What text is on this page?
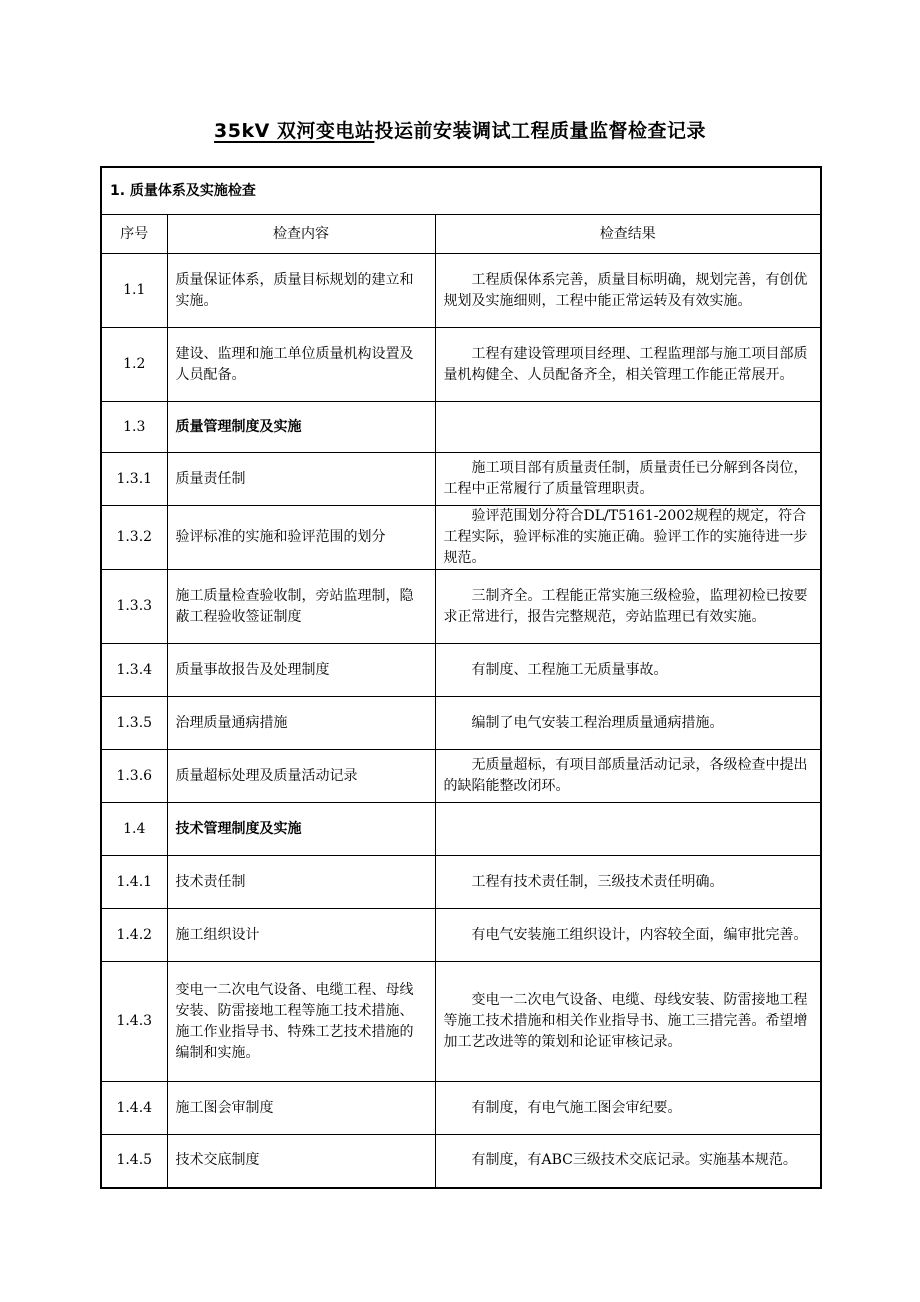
35kV 双河变电站投运前安装调试工程质量监督检查记录
1. 质量体系及实施检查		
序号	检查内容	检查结果
1.1	质量保证体系，质量目标规划的建立和实施。	工程质保体系完善，质量目标明确，规划完善，有创优规划及实施细则，工程中能正常运转及有效实施。
1.2	建设、监理和施工单位质量机构设置及人员配备。	工程有建设管理项目经理、工程监理部与施工项目部质量机构健全、人员配备齐全，相关管理工作能正常展开。
1.3	质量管理制度及实施	
1.3.1	质量责任制	施工项目部有质量责任制，质量责任已分解到各岗位，工程中正常履行了质量管理职责。
1.3.2	验评标准的实施和验评范围的划分	验评范围划分符合DL/T5161-2002规程的规定，符合工程实际，验评标准的实施正确。验评工作的实施待进一步规范。
1.3.3	施工质量检查验收制，旁站监理制，隐蔽工程验收签证制度	三制齐全。工程能正常实施三级检验，监理初检已按要求正常进行，报告完整规范，旁站监理已有效实施。
1.3.4	质量事故报告及处理制度	有制度、工程施工无质量事故。
1.3.5	治理质量通病措施	编制了电气安装工程治理质量通病措施。
1.3.6	质量超标处理及质量活动记录	无质量超标，有项目部质量活动记录，各级检查中提出的缺陷能整改闭环。
1.4	技术管理制度及实施	
1.4.1	技术责任制	工程有技术责任制，三级技术责任明确。
1.4.2	施工组织设计	有电气安装施工组织设计，内容较全面，编审批完善。
1.4.3	变电一二次电气设备、电缆工程、母线安装、防雷接地工程等施工技术措施、施工作业指导书、特殊工艺技术措施的编制和实施。	变电一二次电气设备、电缆、母线安装、防雷接地工程等施工技术措施和相关作业指导书、施工三措完善。希望增加工艺改进等的策划和论证审核记录。
1.4.4	施工图会审制度	有制度，有电气施工图会审纪要。
1.4.5	技术交底制度	有制度，有ABC三级技术交底记录。实施基本规范。
